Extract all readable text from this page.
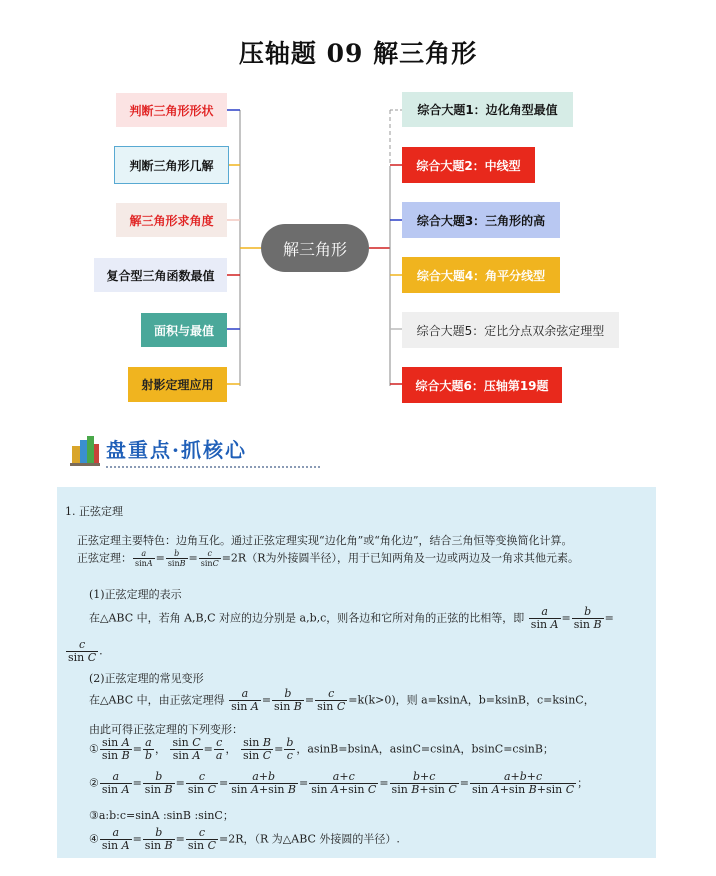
压轴题 09 解三角形
判断三角形形状
判断三角形几解
解三角形求角度
复合型三角函数最值
面积与最值
射影定理应用
解三角形
综合大题1：边化角型最值
综合大题2：中线型
综合大题3：三角形的高
综合大题4：角平分线型
综合大题5：定比分点双余弦定理型
综合大题6：压轴第19题
盘重点·抓核心
1. 正弦定理
正弦定理主要特色：边角互化。通过正弦定理实现“边化角”或“角化边”，结合三角恒等变换简化计算。
正弦定理： $\frac{a}{\sin A} = \frac{b}{\sin B} = \frac{c}{\sin C} =2R(R$为外接圆半径），用于已知两角及一边或两边及一角求其他元素。
(1)正弦定理的表示
在△ABC 中，若角 A,B,C 对应的边分别是 a,b,c，则各边和它所对角的正弦的比相等，即 $\frac{a}{\text{sin A}} = \frac{b}{\text{sin B}}$ =
$\frac{c}{\text{sin C}}$ .
(2)正弦定理的常见变形
在△ABC 中，由正弦定理得 $\frac{a}{\text{sin A}} = \frac{b}{\text{sin B}} = \frac{c}{\text{sin C}} =k(k>0)$，则 a=ksinA，b=ksinB，c=ksinC，
由此可得正弦定理的下列变形：
① $\frac{\text{sin A}}{\text{sin B}} = \frac{a}{b}$ ， $\frac{\text{sin C}}{\text{sin A}} = \frac{c}{a}$ ， $\frac{\text{sin B}}{\text{sin C}} = \frac{b}{c}$ ，asinB=bsinA，asinC=csinA，bsinC=csinB；
② $\frac{a}{\text{sin A}} = \frac{b}{\text{sin B}} = \frac{c}{\text{sin C}} = \frac{a+b}{\text{sin A+sin B}} = \frac{a+c}{\text{sin A+sin C}} = \frac{b+c}{\text{sin B+sin C}} = \frac{a+b+c}{\text{sin A+sin B+sin C}}$ ；
③a:b:c=sinA :sinB :sinC；
④ $\frac{a}{\text{sin A}} = \frac{b}{\text{sin B}} = \frac{c}{\text{sin C}} =2R$，（R 为△ABC 外接圆的半径）.
